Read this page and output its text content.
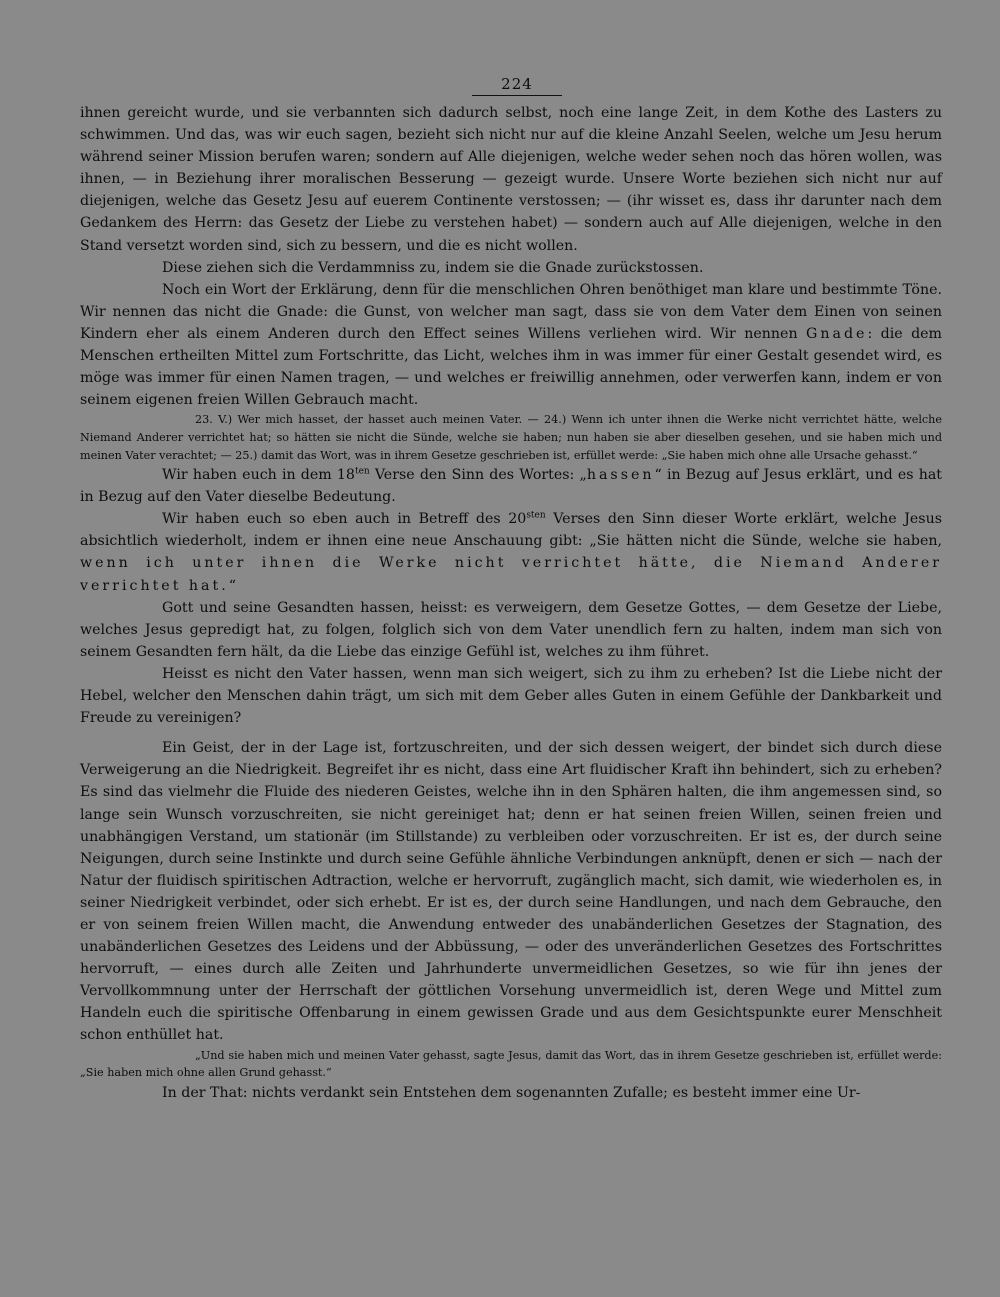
224

ihnen gereicht wurde, und sie verbannten sich dadurch selbst, noch eine lange Zeit, in dem Kothe des Lasters zu schwimmen. Und das, was wir euch sagen, bezieht sich nicht nur auf die kleine Anzahl Seelen, welche um Jesu herum während seiner Mission berufen waren; sondern auf Alle diejenigen, welche weder sehen noch das hören wollen, was ihnen, — in Beziehung ihrer moralischen Besserung — gezeigt wurde. Unsere Worte beziehen sich nicht nur auf diejenigen, welche das Gesetz Jesu auf euerem Continente verstossen; — (ihr wisset es, dass ihr darunter nach dem Gedankem des Herrn: das Gesetz der Liebe zu verstehen habet) — sondern auch auf Alle diejenigen, welche in den Stand versetzt worden sind, sich zu bessern, und die es nicht wollen.

Diese ziehen sich die Verdammniss zu, indem sie die Gnade zurückstossen.

Noch ein Wort der Erklärung, denn für die menschlichen Ohren benöthiget man klare und bestimmte Töne. Wir nennen das nicht die Gnade: die Gunst, von welcher man sagt, dass sie von dem Vater dem Einen von seinen Kindern eher als einem Anderen durch den Effect seines Willens verliehen wird. Wir nennen Gnade: die dem Menschen ertheilten Mittel zum Fortschritte, das Licht, welches ihm in was immer für einer Gestalt gesendet wird, es möge was immer für einen Namen tragen, — und welches er freiwillig annehmen, oder verwerfen kann, indem er von seinem eigenen freien Willen Gebrauch macht.

23. V.) Wer mich hasset, der hasset auch meinen Vater. — 24.) Wenn ich unter ihnen die Werke nicht verrichtet hätte, welche Niemand Anderer verrichtet hat; so hätten sie nicht die Sünde, welche sie haben; nun haben sie aber dieselben gesehen, und sie haben mich und meinen Vater verachtet; — 25.) damit das Wort, was in ihrem Gesetze geschrieben ist, erfüllet werde: „Sie haben mich ohne alle Ursache gehasst.“

Wir haben euch in dem $18^{ten}$ Verse den Sinn des Wortes: „hassen“ in Bezug auf Jesus erklärt, und es hat in Bezug auf den Vater dieselbe Bedeutung.

Wir haben euch so eben auch in Betreff des $20^{sten}$ Verses den Sinn dieser Worte erklärt, welche Jesus absichtlich wiederholt, indem er ihnen eine neue Anschauung gibt: „Sie hätten nicht die Sünde, welche sie haben, wenn ich unter ihnen die Werke nicht verrichtet hätte, die Niemand Anderer verrichtet hat.“

Gott und seine Gesandten hassen, heisst: es verweigern, dem Gesetze Gottes, — dem Gesetze der Liebe, welches Jesus gepredigt hat, zu folgen, folglich sich von dem Vater unendlich fern zu halten, indem man sich von seinem Gesandten fern hält, da die Liebe das einzige Gefühl ist, welches zu ihm führet.

Heisst es nicht den Vater hassen, wenn man sich weigert, sich zu ihm zu erheben? Ist die Liebe nicht der Hebel, welcher den Menschen dahin trägt, um sich mit dem Geber alles Guten in einem Gefühle der Dankbarkeit und Freude zu vereinigen?

Ein Geist, der in der Lage ist, fortzuschreiten, und der sich dessen weigert, der bindet sich durch diese Verweigerung an die Niedrigkeit. Begreifet ihr es nicht, dass eine Art fluidischer Kraft ihn behindert, sich zu erheben? Es sind das vielmehr die Fluide des niederen Geistes, welche ihn in den Sphären halten, die ihm angemessen sind, so lange sein Wunsch vorzuschreiten, sie nicht gereiniget hat; denn er hat seinen freien Willen, seinen freien und unabhängigen Verstand, um stationär (im Stillstande) zu verbleiben oder vorzuschreiten. Er ist es, der durch seine Neigungen, durch seine Instinkte und durch seine Gefühle ähnliche Verbindungen anknüpft, denen er sich — nach der Natur der fluidisch spiritischen Adtraction, welche er hervorruft, zugänglich macht, sich damit, wie wiederholen es, in seiner Niedrigkeit verbindet, oder sich erhebt. Er ist es, der durch seine Handlungen, und nach dem Gebrauche, den er von seinem freien Willen macht, die Anwendung entweder des unabänderlichen Gesetzes der Stagnation, des unabänderlichen Gesetzes des Leidens und der Abbüssung, — oder des unveränderlichen Gesetzes des Fortschrittes hervorruft, — eines durch alle Zeiten und Jahrhunderte unvermeidlichen Gesetzes, so wie für ihn jenes der Vervollkommnung unter der Herrschaft der göttlichen Vorsehung unvermeidlich ist, deren Wege und Mittel zum Handeln euch die spiritische Offenbarung in einem gewissen Grade und aus dem Gesichtspunkte eurer Menschheit schon enthüllet hat.

„Und sie haben mich und meinen Vater gehasst, sagte Jesus, damit das Wort, das in ihrem Gesetze geschrieben ist, erfüllet werde: „Sie haben mich ohne allen Grund gehasst.“

In der That: nichts verdankt sein Entstehen dem sogenannten Zufalle; es besteht immer eine Ur-
